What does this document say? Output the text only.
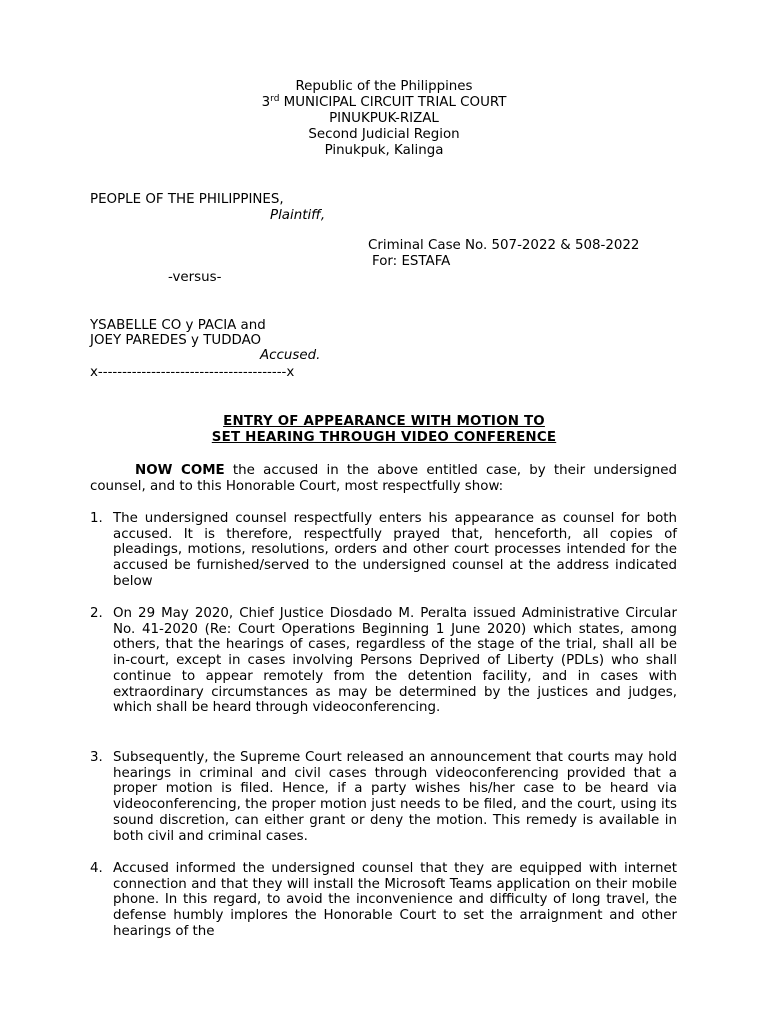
Republic of the Philippines
3rd MUNICIPAL CIRCUIT TRIAL COURT
PINUKPUK-RIZAL
Second Judicial Region
Pinukpuk, Kalinga
PEOPLE OF THE PHILIPPINES,
Plaintiff,
Criminal Case No. 507-2022 & 508-2022
For: ESTAFA
-versus-
YSABELLE CO y PACIA and
JOEY PAREDES y TUDDAO
Accused.
x---------------------------------------x
ENTRY OF APPEARANCE WITH MOTION TO
SET HEARING THROUGH VIDEO CONFERENCE
NOW COME the accused in the above entitled case, by their undersigned counsel, and to this Honorable Court, most respectfully show:
1. The undersigned counsel respectfully enters his appearance as counsel for both accused. It is therefore, respectfully prayed that, henceforth, all copies of pleadings, motions, resolutions, orders and other court processes intended for the accused be furnished/served to the undersigned counsel at the address indicated below
2. On 29 May 2020, Chief Justice Diosdado M. Peralta issued Administrative Circular No. 41-2020 (Re: Court Operations Beginning 1 June 2020) which states, among others, that the hearings of cases, regardless of the stage of the trial, shall all be in-court, except in cases involving Persons Deprived of Liberty (PDLs) who shall continue to appear remotely from the detention facility, and in cases with extraordinary circumstances as may be determined by the justices and judges, which shall be heard through videoconferencing.
3. Subsequently, the Supreme Court released an announcement that courts may hold hearings in criminal and civil cases through videoconferencing provided that a proper motion is filed. Hence, if a party wishes his/her case to be heard via videoconferencing, the proper motion just needs to be filed, and the court, using its sound discretion, can either grant or deny the motion. This remedy is available in both civil and criminal cases.
4. Accused informed the undersigned counsel that they are equipped with internet connection and that they will install the Microsoft Teams application on their mobile phone. In this regard, to avoid the inconvenience and difficulty of long travel, the defense humbly implores the Honorable Court to set the arraignment and other hearings of the
